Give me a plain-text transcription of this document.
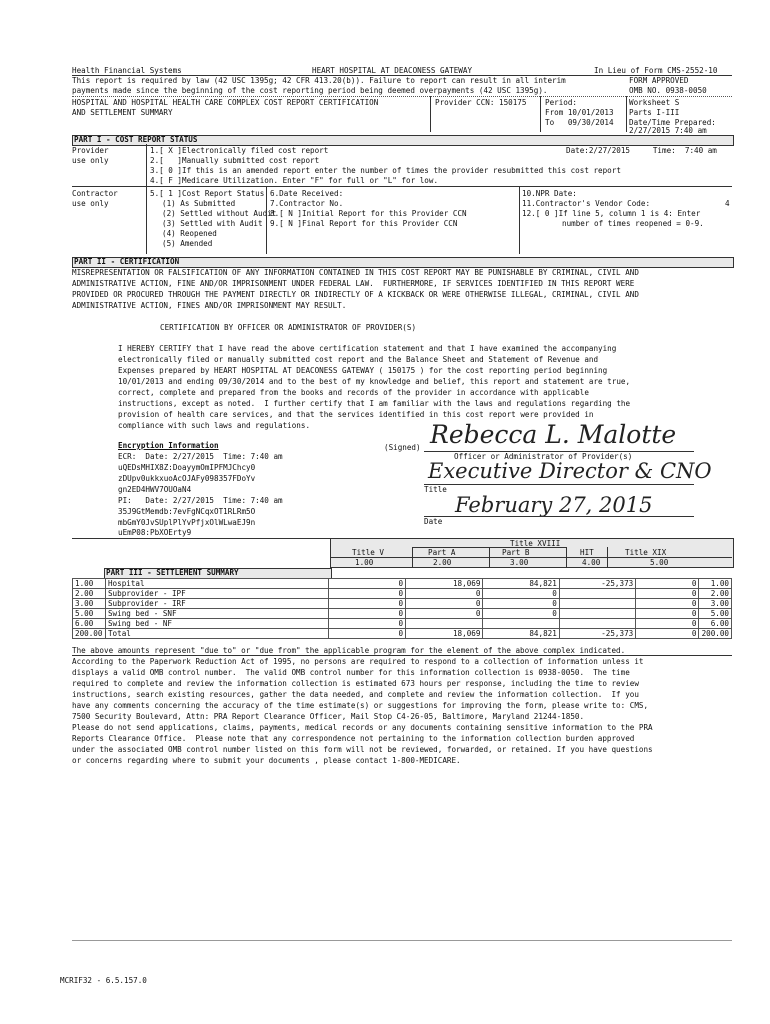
Health Financial Systems	HEART HOSPITAL AT DEACONESS GATEWAY	In Lieu of Form CMS-2552-10
This report is required by law (42 USC 1395g; 42 CFR 413.20(b)). Failure to report can result in all interim	FORM APPROVED
payments made since the beginning of the cost reporting period being deemed overpayments (42 USC 1395g).	OMB NO. 0938-0050
HOSPITAL AND HOSPITAL HEALTH CARE COMPLEX COST REPORT CERTIFICATION
AND SETTLEMENT SUMMARY
Provider CCN: 150175 Period:
From 10/01/2013
To   09/30/2014
Worksheet S
Parts I-III
Date/Time Prepared:
2/27/2015 7:40 am
PART I - COST REPORT STATUS
Provider
use only
1.[ X ]Electronically filed cost report	Date:2/27/2015     Time:  7:40 am
2.[   ]Manually submitted cost report
3.[ 0 ]If this is an amended report enter the number of times the provider resubmitted this cost report
4.[ F ]Medicare Utilization. Enter "F" for full or "L" for low.
Contractor
use only
5.[ 1 ]Cost Report Status
(1) As Submitted
(2) Settled without Audit
(3) Settled with Audit
(4) Reopened
(5) Amended
6.Date Received:
7.Contractor No.
8.[ N ]Initial Report for this Provider CCN
9.[ N ]Final Report for this Provider CCN
10.NPR Date:
11.Contractor's Vendor Code:	4
12.[ 0 ]If line 5, column 1 is 4: Enter
number of times reopened = 0-9.
PART II - CERTIFICATION
MISREPRESENTATION OR FALSIFICATION OF ANY INFORMATION CONTAINED IN THIS COST REPORT MAY BE PUNISHABLE BY CRIMINAL, CIVIL AND
ADMINISTRATIVE ACTION, FINE AND/OR IMPRISONMENT UNDER FEDERAL LAW.  FURTHERMORE, IF SERVICES IDENTIFIED IN THIS REPORT WERE
PROVIDED OR PROCURED THROUGH THE PAYMENT DIRECTLY OR INDIRECTLY OF A KICKBACK OR WERE OTHERWISE ILLEGAL, CRIMINAL, CIVIL AND
ADMINISTRATIVE ACTION, FINES AND/OR IMPRISONMENT MAY RESULT.
CERTIFICATION BY OFFICER OR ADMINISTRATOR OF PROVIDER(S)
I HEREBY CERTIFY that I have read the above certification statement and that I have examined the accompanying
electronically filed or manually submitted cost report and the Balance Sheet and Statement of Revenue and
Expenses prepared by HEART HOSPITAL AT DEACONESS GATEWAY ( 150175 ) for the cost reporting period beginning
10/01/2013 and ending 09/30/2014 and to the best of my knowledge and belief, this report and statement are true,
correct, complete and prepared from the books and records of the provider in accordance with applicable
instructions, except as noted.  I further certify that I am familiar with the laws and regulations regarding the
provision of health care services, and that the services identified in this cost report were provided in
compliance with such laws and regulations.
Encryption Information
ECR:  Date: 2/27/2015  Time: 7:40 am
uQEDsMHIX8Z:DoayymOmIPFMJChcy0
zDUpv0ukkxuoAcOJAFy098357FDoYv
gn2ED4HWV7OUOaN4
PI:   Date: 2/27/2015  Time: 7:40 am
35J9GtMemdb:7evFgNCqxOT1RLRm5O
mbGmY0JvSUplPlYvPfjxOlWLwaEJ9n
uEmP08:PbXOErty9
(Signed) Rebecca L. Malotte
Officer or Administrator of Provider(s)
Executive Director & CNO
Title
February 27, 2015
Date
Title XVIII
Title V	Part A	Part B	HIT	Title XIX
1.00	2.00	3.00	4.00	5.00
PART III - SETTLEMENT SUMMARY
1.00	Hospital	0	18,069	84,821	-25,373	0	1.00
2.00	Subprovider - IPF	0	0	0		0	2.00
3.00	Subprovider - IRF	0	0	0		0	3.00
5.00	Swing bed - SNF	0	0	0		0	5.00
6.00	Swing bed - NF	0				0	6.00
200.00	Total	0	18,069	84,821	-25,373	0	200.00
The above amounts represent "due to" or "due from" the applicable program for the element of the above complex indicated.
According to the Paperwork Reduction Act of 1995, no persons are required to respond to a collection of information unless it
displays a valid OMB control number.  The valid OMB control number for this information collection is 0938-0050.  The time
required to complete and review the information collection is estimated 673 hours per response, including the time to review
instructions, search existing resources, gather the data needed, and complete and review the information collection.  If you
have any comments concerning the accuracy of the time estimate(s) or suggestions for improving the form, please write to: CMS,
7500 Security Boulevard, Attn: PRA Report Clearance Officer, Mail Stop C4-26-05, Baltimore, Maryland 21244-1850.
Please do not send applications, claims, payments, medical records or any documents containing sensitive information to the PRA
Reports Clearance Office.  Please note that any correspondence not pertaining to the information collection burden approved
under the associated OMB control number listed on this form will not be reviewed, forwarded, or retained. If you have questions
or concerns regarding where to submit your documents , please contact 1-800-MEDICARE.
MCRIF32 - 6.5.157.0
